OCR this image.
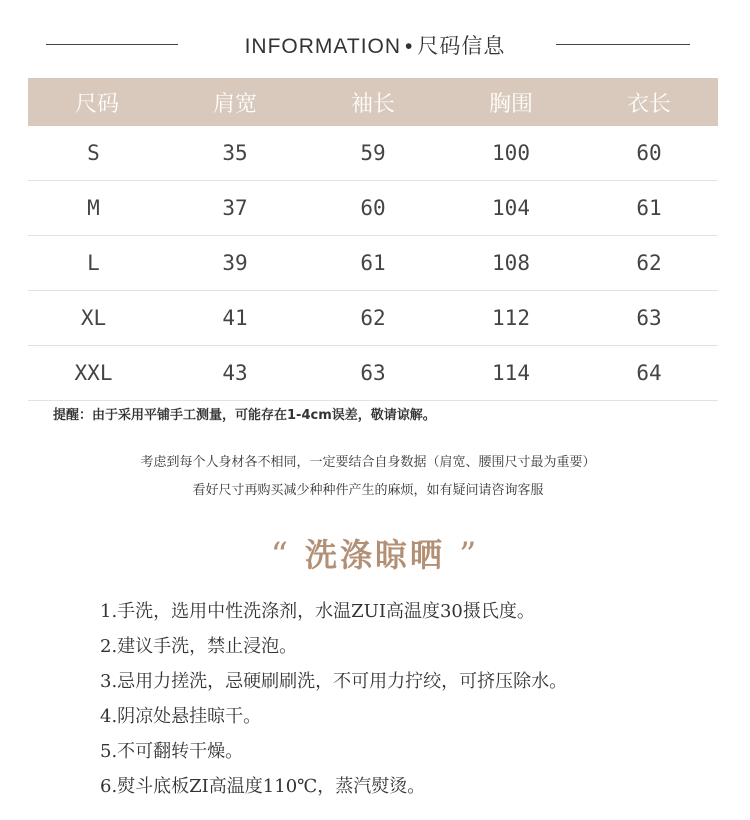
INFORMATION • 尺码信息
尺码	肩宽	袖长	胸围	衣长
S	35	59	100	60
M	37	60	104	61
L	39	61	108	62
XL	41	62	112	63
XXL	43	63	114	64
提醒：由于采用平铺手工测量，可能存在1-4cm误差，敬请谅解。
考虑到每个人身材各不相同，一定要结合自身数据（肩宽、腰围尺寸最为重要）
看好尺寸再购买减少种种件产生的麻烦，如有疑问请咨询客服
“ 洗涤晾晒 ”
1.手洗，选用中性洗涤剂，水温ZUI高温度30摄氏度。
2.建议手洗，禁止浸泡。
3.忌用力搓洗，忌硬刷刷洗，不可用力拧绞，可挤压除水。
4.阴凉处悬挂晾干。
5.不可翻转干燥。
6.熨斗底板ZI高温度110℃，蒸汽熨烫。
